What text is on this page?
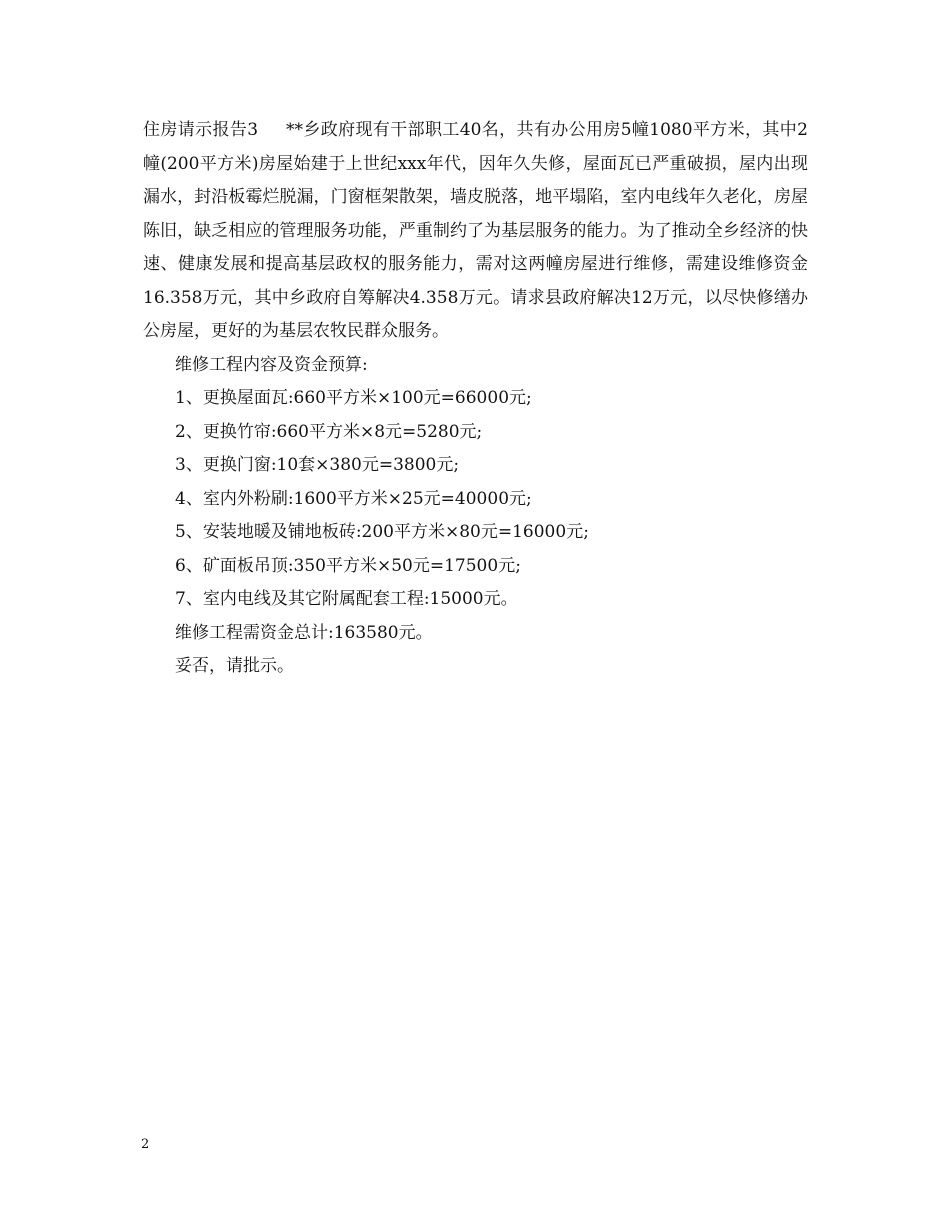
住房请示报告3 **乡政府现有干部职工40名，共有办公用房5幢1080平方米，其中2幢(200平方米)房屋始建于上世纪xxx年代，因年久失修，屋面瓦已严重破损，屋内出现漏水，封沿板霉烂脱漏，门窗框架散架，墙皮脱落，地平塌陷，室内电线年久老化，房屋陈旧，缺乏相应的管理服务功能，严重制约了为基层服务的能力。为了推动全乡经济的快速、健康发展和提高基层政权的服务能力，需对这两幢房屋进行维修，需建设维修资金16.358万元，其中乡政府自筹解决4.358万元。请求县政府解决12万元，以尽快修缮办公房屋，更好的为基层农牧民群众服务。

维修工程内容及资金预算:

1、更换屋面瓦:660平方米×100元=66000元;

2、更换竹帘:660平方米×8元=5280元;

3、更换门窗:10套×380元=3800元;

4、室内外粉刷:1600平方米×25元=40000元;

5、安装地暖及铺地板砖:200平方米×80元=16000元;

6、矿面板吊顶:350平方米×50元=17500元;

7、室内电线及其它附属配套工程:15000元。

维修工程需资金总计:163580元。

妥否，请批示。

2
